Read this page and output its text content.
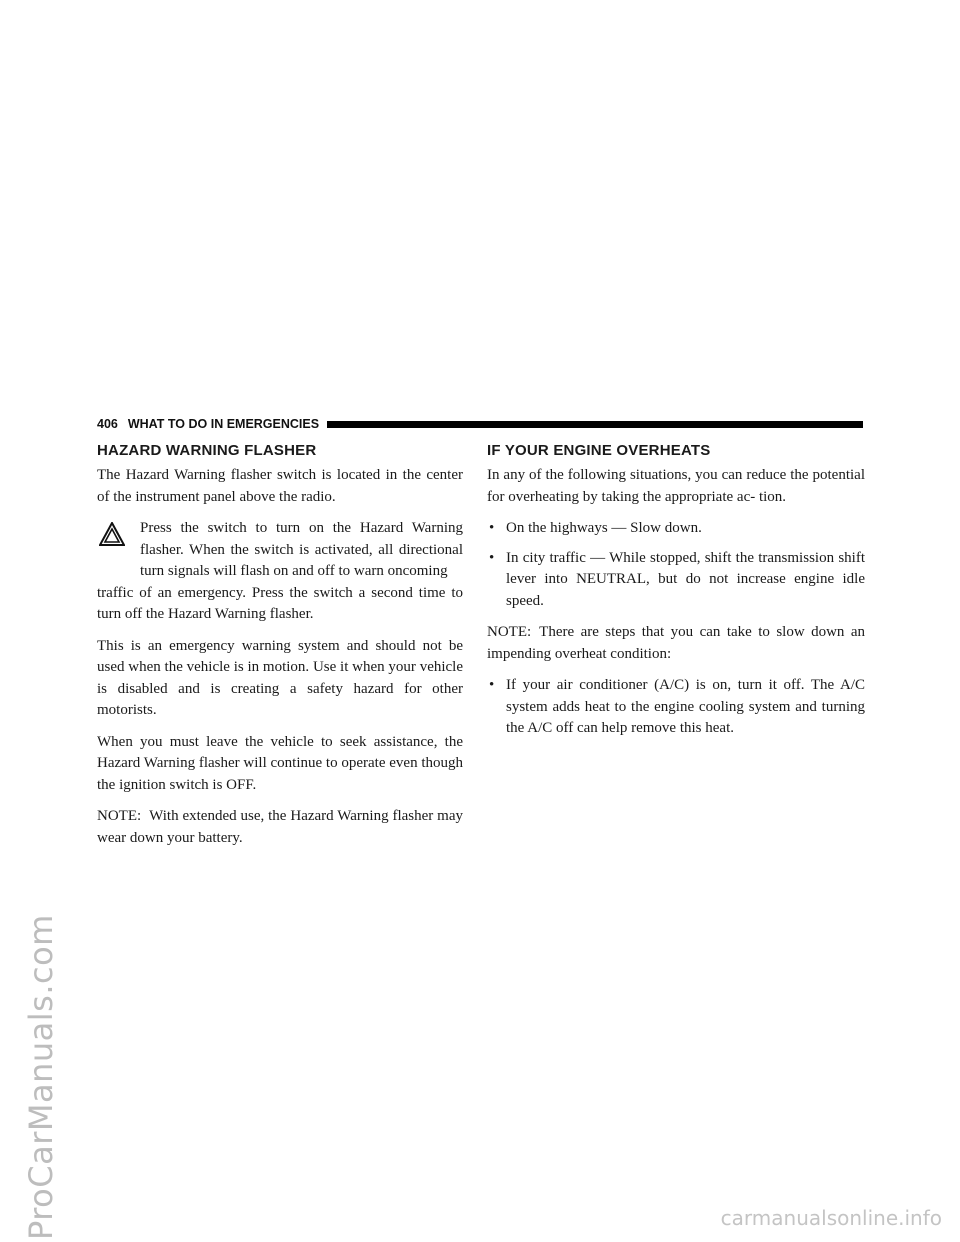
ProCarManuals.com
406 WHAT TO DO IN EMERGENCIES
HAZARD WARNING FLASHER

The Hazard Warning flasher switch is located in the center of the instrument panel above the radio.

Press the switch to turn on the Hazard Warning flasher. When the switch is activated, all directional turn signals will flash on and off to warn oncoming
traffic of an emergency. Press the switch a second time to turn off the Hazard Warning flasher.

This is an emergency warning system and should not be used when the vehicle is in motion. Use it when your vehicle is disabled and is creating a safety hazard for other motorists.

When you must leave the vehicle to seek assistance, the Hazard Warning flasher will continue to operate even though the ignition switch is OFF.

NOTE: With extended use, the Hazard Warning flasher may wear down your battery.

IF YOUR ENGINE OVERHEATS

In any of the following situations, you can reduce the potential for overheating by taking the appropriate ac- tion.

• On the highways — Slow down.
• In city traffic — While stopped, shift the transmission shift lever into NEUTRAL, but do not increase engine idle speed.

NOTE: There are steps that you can take to slow down an impending overheat condition:

• If your air conditioner (A/C) is on, turn it off. The A/C system adds heat to the engine cooling system and turning the A/C off can help remove this heat.
carmanualsonline.info
